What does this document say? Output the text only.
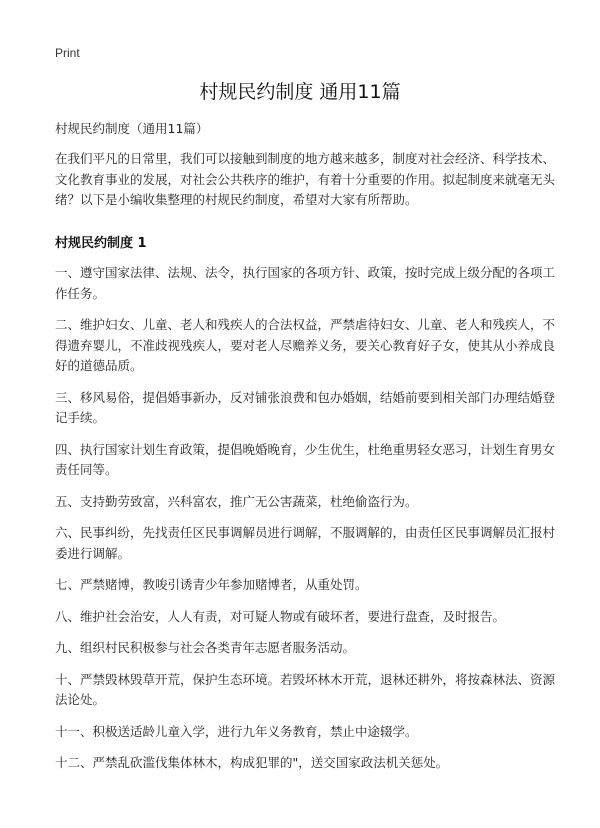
Print
村规民约制度 通用11篇
村规民约制度（通用11篇）

在我们平凡的日常里，我们可以接触到制度的地方越来越多，制度对社会经济、科学技术、文化教育事业的发展，对社会公共秩序的维护，有着十分重要的作用。拟起制度来就毫无头绪？以下是小编收集整理的村规民约制度，希望对大家有所帮助。

村规民约制度 1
一、遵守国家法律、法规、法令，执行国家的各项方针、政策，按时完成上级分配的各项工作任务。
二、维护妇女、儿童、老人和残疾人的合法权益，严禁虐待妇女、儿童、老人和残疾人，不得遗弃婴儿，不准歧视残疾人，要对老人尽赡养义务，要关心教育好子女，使其从小养成良好的道德品质。
三、移风易俗，提倡婚事新办，反对铺张浪费和包办婚姻，结婚前要到相关部门办理结婚登记手续。
四、执行国家计划生育政策，提倡晚婚晚育，少生优生，杜绝重男轻女恶习，计划生育男女责任同等。
五、支持勤劳致富，兴科富农，推广无公害蔬菜，杜绝偷盗行为。
六、民事纠纷，先找责任区民事调解员进行调解，不服调解的，由责任区民事调解员汇报村委进行调解。
七、严禁赌博，教唆引诱青少年参加赌博者，从重处罚。
八、维护社会治安，人人有责，对可疑人物或有破坏者，要进行盘查，及时报告。
九、组织村民积极参与社会各类青年志愿者服务活动。
十、严禁毁林毁草开荒，保护生态环境。若毁坏林木开荒，退林还耕外，将按森林法、资源法论处。
十一、积极送适龄儿童入学，进行九年义务教育，禁止中途辍学。
十二、严禁乱砍滥伐集体林木，构成犯罪的"，送交国家政法机关惩处。
